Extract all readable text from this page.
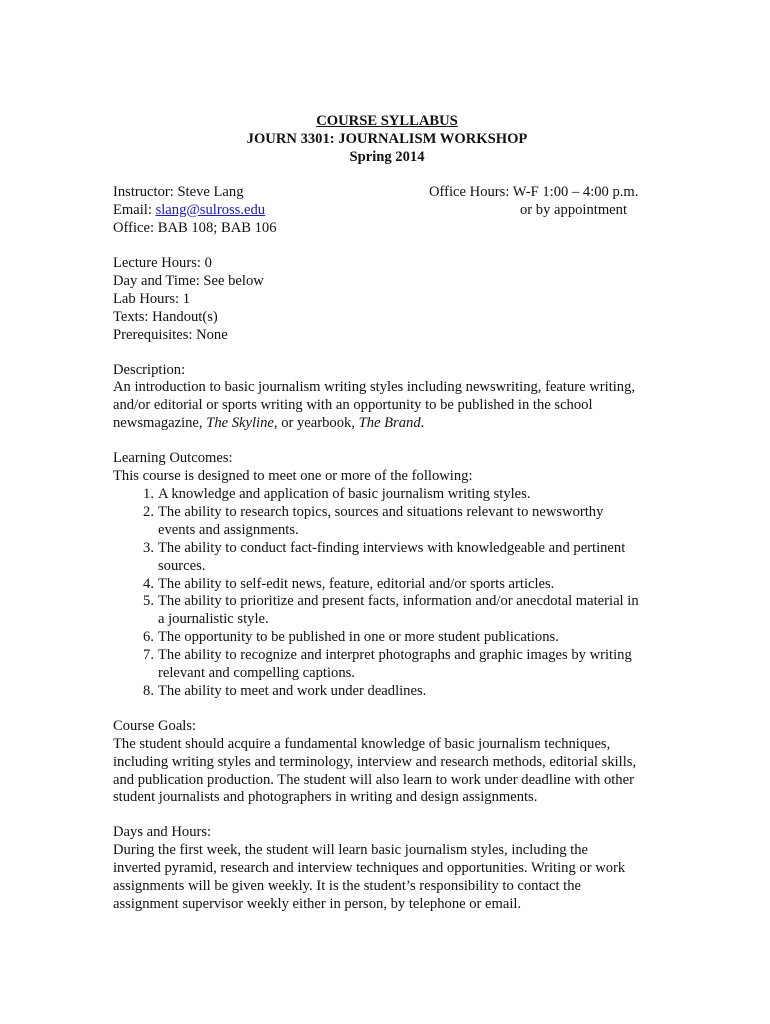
COURSE SYLLABUS
JOURN 3301: JOURNALISM WORKSHOP
Spring 2014
Instructor: Steve Lang
Email: slang@sulross.edu
Office: BAB 108; BAB 106
Office Hours: W-F 1:00 – 4:00 p.m.
or by appointment
Lecture Hours: 0
Day and Time: See below
Lab Hours: 1
Texts: Handout(s)
Prerequisites: None
Description:
An introduction to basic journalism writing styles including newswriting, feature writing,
and/or editorial or sports writing with an opportunity to be published in the school
newsmagazine, The Skyline, or yearbook, The Brand.
Learning Outcomes:
This course is designed to meet one or more of the following:
1. A knowledge and application of basic journalism writing styles.
2. The ability to research topics, sources and situations relevant to newsworthy
events and assignments.
3. The ability to conduct fact-finding interviews with knowledgeable and pertinent
sources.
4. The ability to self-edit news, feature, editorial and/or sports articles.
5. The ability to prioritize and present facts, information and/or anecdotal material in
a journalistic style.
6. The opportunity to be published in one or more student publications.
7. The ability to recognize and interpret photographs and graphic images by writing
relevant and compelling captions.
8. The ability to meet and work under deadlines.
Course Goals:
The student should acquire a fundamental knowledge of basic journalism techniques,
including writing styles and terminology, interview and research methods, editorial skills,
and publication production. The student will also learn to work under deadline with other
student journalists and photographers in writing and design assignments.
Days and Hours:
During the first week, the student will learn basic journalism styles, including the
inverted pyramid, research and interview techniques and opportunities. Writing or work
assignments will be given weekly. It is the student’s responsibility to contact the
assignment supervisor weekly either in person, by telephone or email.
